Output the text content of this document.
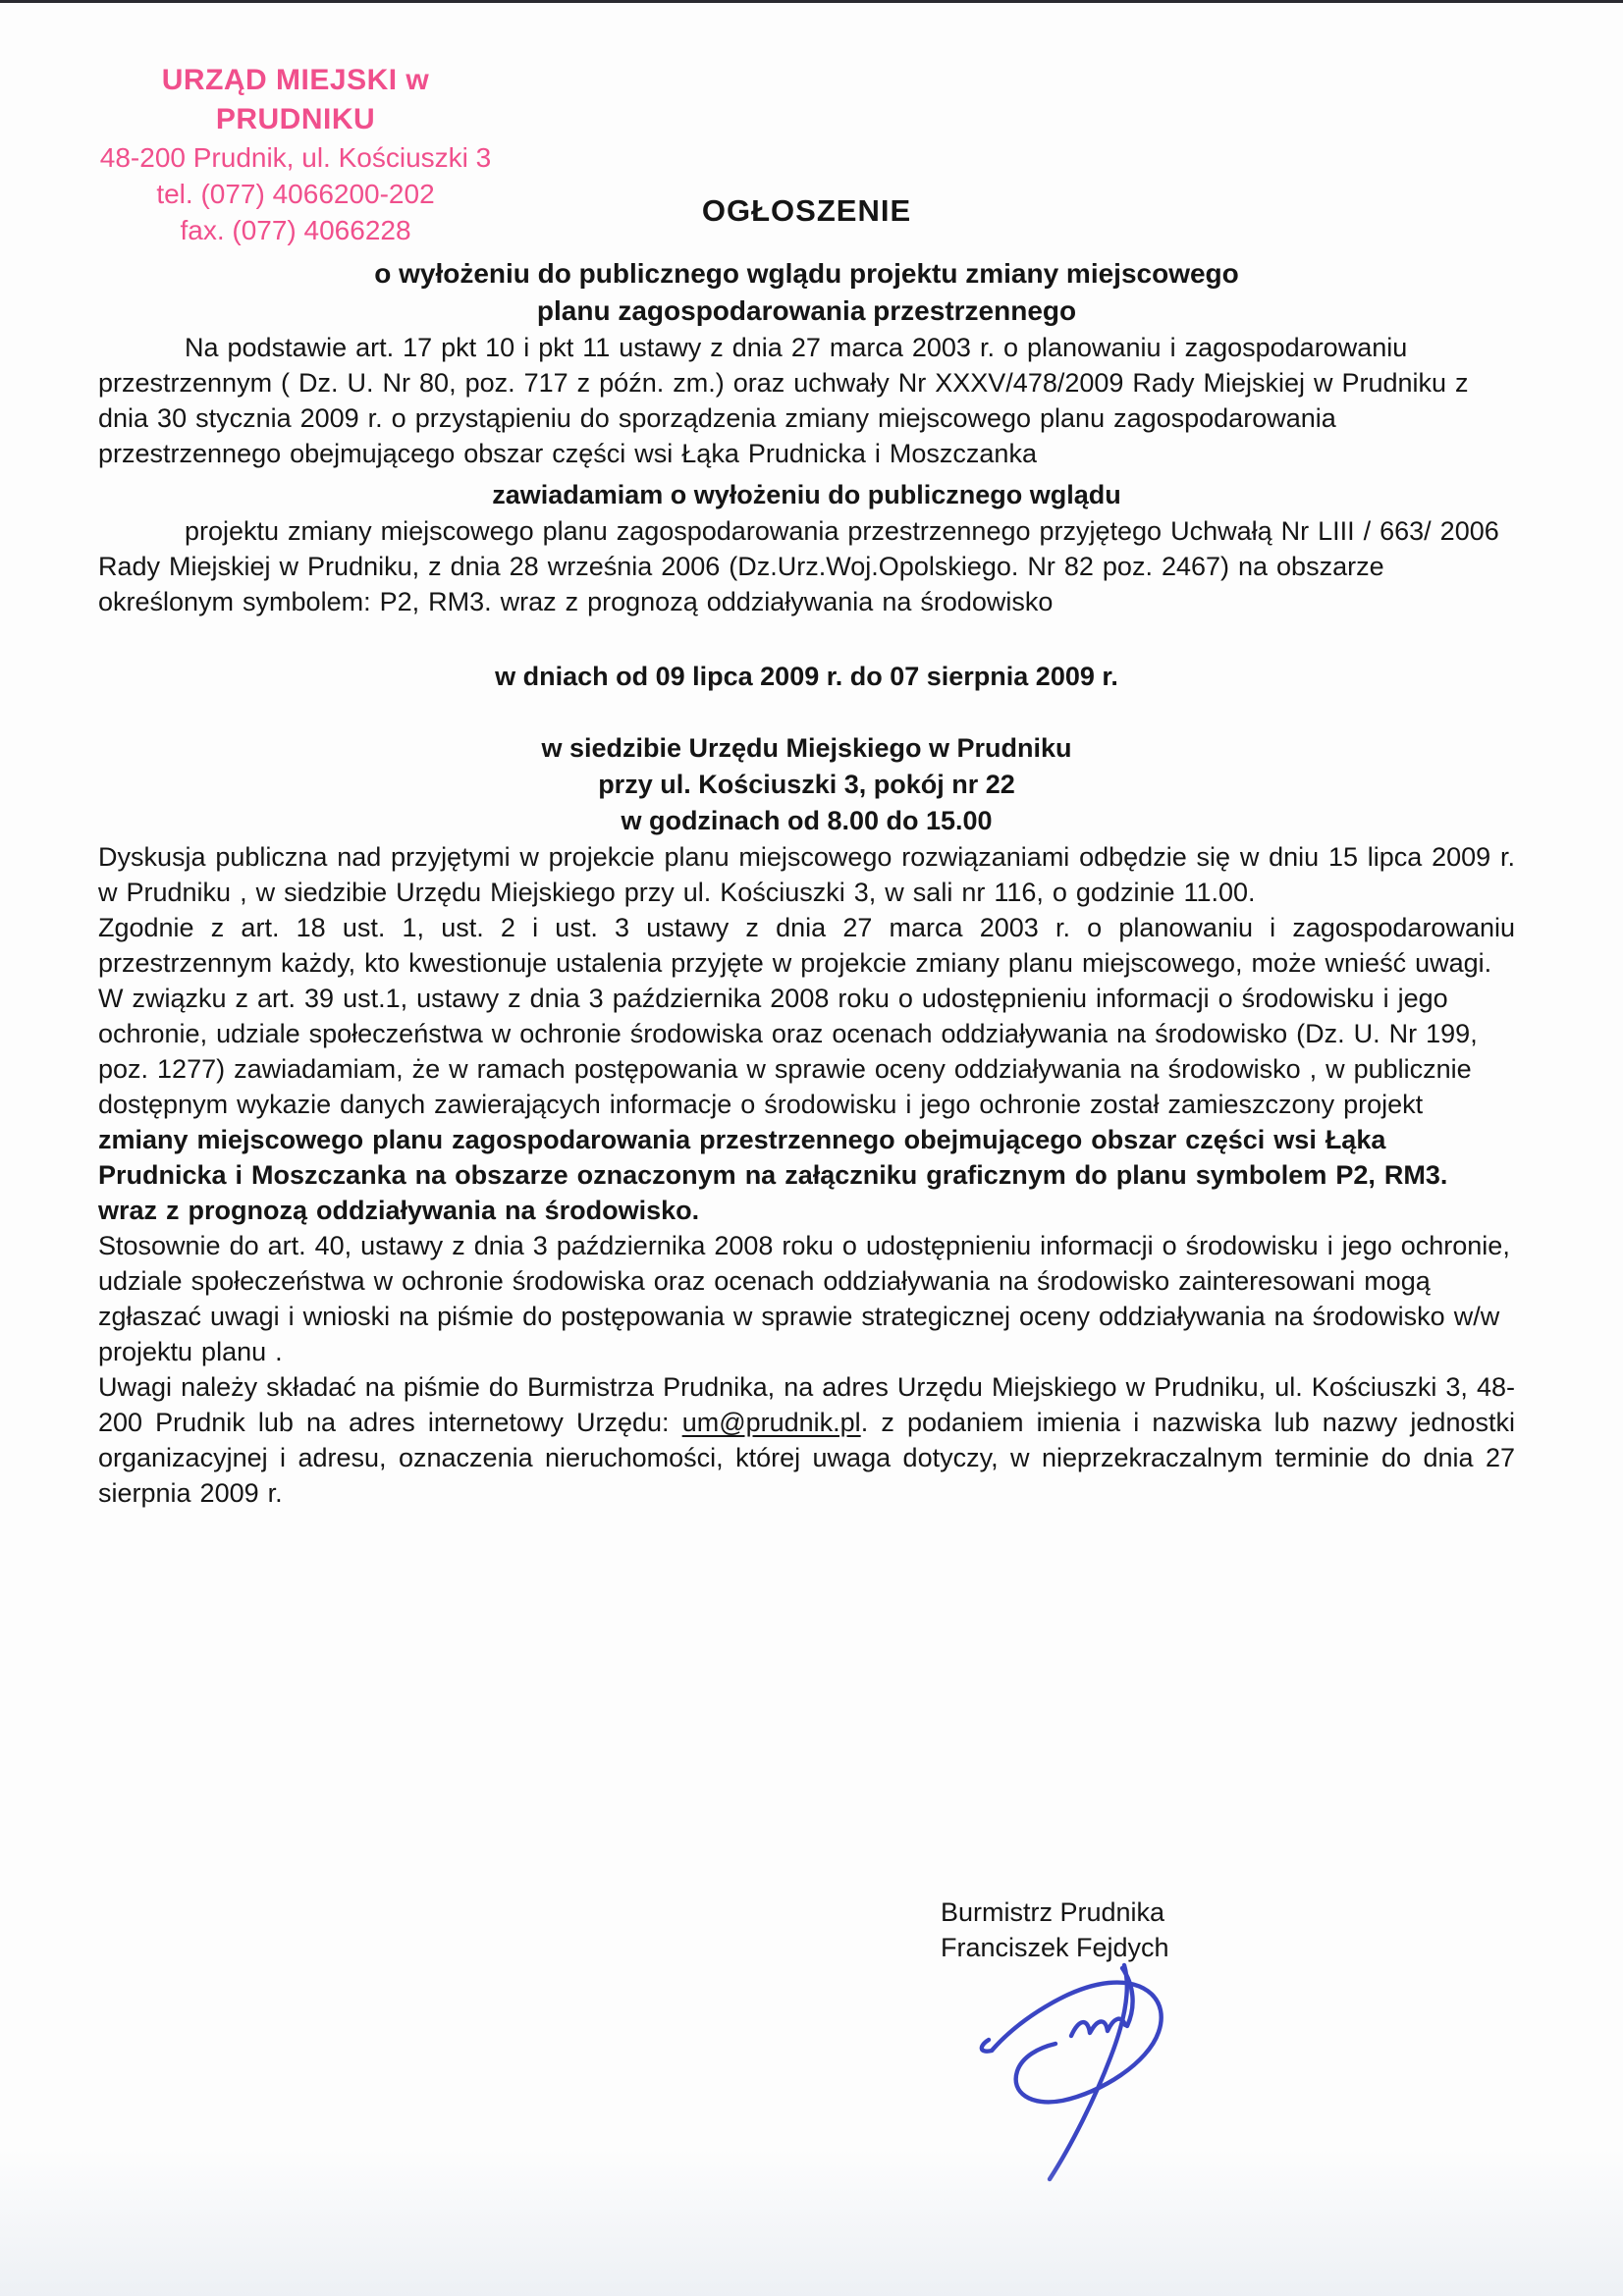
URZĄD MIEJSKI w PRUDNIKU
48-200 Prudnik, ul. Kościuszki 3
tel. (077) 4066200-202
fax. (077) 4066228
OGŁOSZENIE
o wyłożeniu do publicznego wglądu projektu zmiany miejscowego
planu zagospodarowania przestrzennego

Na podstawie art. 17 pkt 10 i pkt 11 ustawy z dnia 27 marca 2003 r. o planowaniu i zagospodarowaniu przestrzennym ( Dz. U. Nr 80, poz. 717 z późn. zm.) oraz uchwały Nr XXXV/478/2009 Rady Miejskiej w Prudniku z dnia 30 stycznia 2009 r. o przystąpieniu do sporządzenia zmiany miejscowego planu zagospodarowania przestrzennego obejmującego obszar części wsi Łąka Prudnicka i Moszczanka

zawiadamiam o wyłożeniu do publicznego wglądu

projektu zmiany miejscowego planu zagospodarowania przestrzennego przyjętego Uchwałą Nr LIII / 663/ 2006 Rady Miejskiej w Prudniku, z dnia 28 września 2006 (Dz.Urz.Woj.Opolskiego. Nr 82 poz. 2467) na obszarze określonym symbolem: P2, RM3. wraz z prognozą oddziaływania na środowisko

w dniach od 09 lipca 2009 r. do 07 sierpnia 2009 r.
w siedzibie Urzędu Miejskiego w Prudniku
przy ul. Kościuszki 3, pokój nr 22
w godzinach od 8.00 do 15.00

Dyskusja publiczna nad przyjętymi w projekcie planu miejscowego rozwiązaniami odbędzie się w dniu 15 lipca 2009 r. w Prudniku , w siedzibie Urzędu Miejskiego przy ul. Kościuszki 3, w sali nr 116, o godzinie 11.00.

Zgodnie z art. 18 ust. 1, ust. 2 i ust. 3 ustawy z dnia 27 marca 2003 r. o planowaniu i zagospodarowaniu przestrzennym każdy, kto kwestionuje ustalenia przyjęte w projekcie zmiany planu miejscowego, może wnieść uwagi.

W związku z art. 39 ust.1, ustawy z dnia 3 października 2008 roku o udostępnieniu informacji o środowisku i jego ochronie, udziale społeczeństwa w ochronie środowiska oraz ocenach oddziaływania na środowisko (Dz. U. Nr 199, poz. 1277) zawiadamiam, że w ramach postępowania w sprawie oceny oddziaływania na środowisko , w publicznie dostępnym wykazie danych zawierających informacje o środowisku i jego ochronie został zamieszczony projekt zmiany miejscowego planu zagospodarowania przestrzennego obejmującego obszar części wsi Łąka Prudnicka i Moszczanka na obszarze oznaczonym na załączniku graficznym do planu symbolem P2, RM3. wraz z prognozą oddziaływania na środowisko.

Stosownie do art. 40, ustawy z dnia 3 października 2008 roku o udostępnieniu informacji o środowisku i jego ochronie, udziale społeczeństwa w ochronie środowiska oraz ocenach oddziaływania na środowisko zainteresowani mogą zgłaszać uwagi i wnioski na piśmie do postępowania w sprawie strategicznej oceny oddziaływania na środowisko w/w projektu planu .

Uwagi należy składać na piśmie do Burmistrza Prudnika, na adres Urzędu Miejskiego w Prudniku, ul. Kościuszki 3, 48-200 Prudnik lub na adres internetowy Urzędu: um@prudnik.pl. z podaniem imienia i nazwiska lub nazwy jednostki organizacyjnej i adresu, oznaczenia nieruchomości, której uwaga dotyczy, w nieprzekraczalnym terminie do dnia 27 sierpnia 2009 r.

Burmistrz Prudnika
Franciszek Fejdych
